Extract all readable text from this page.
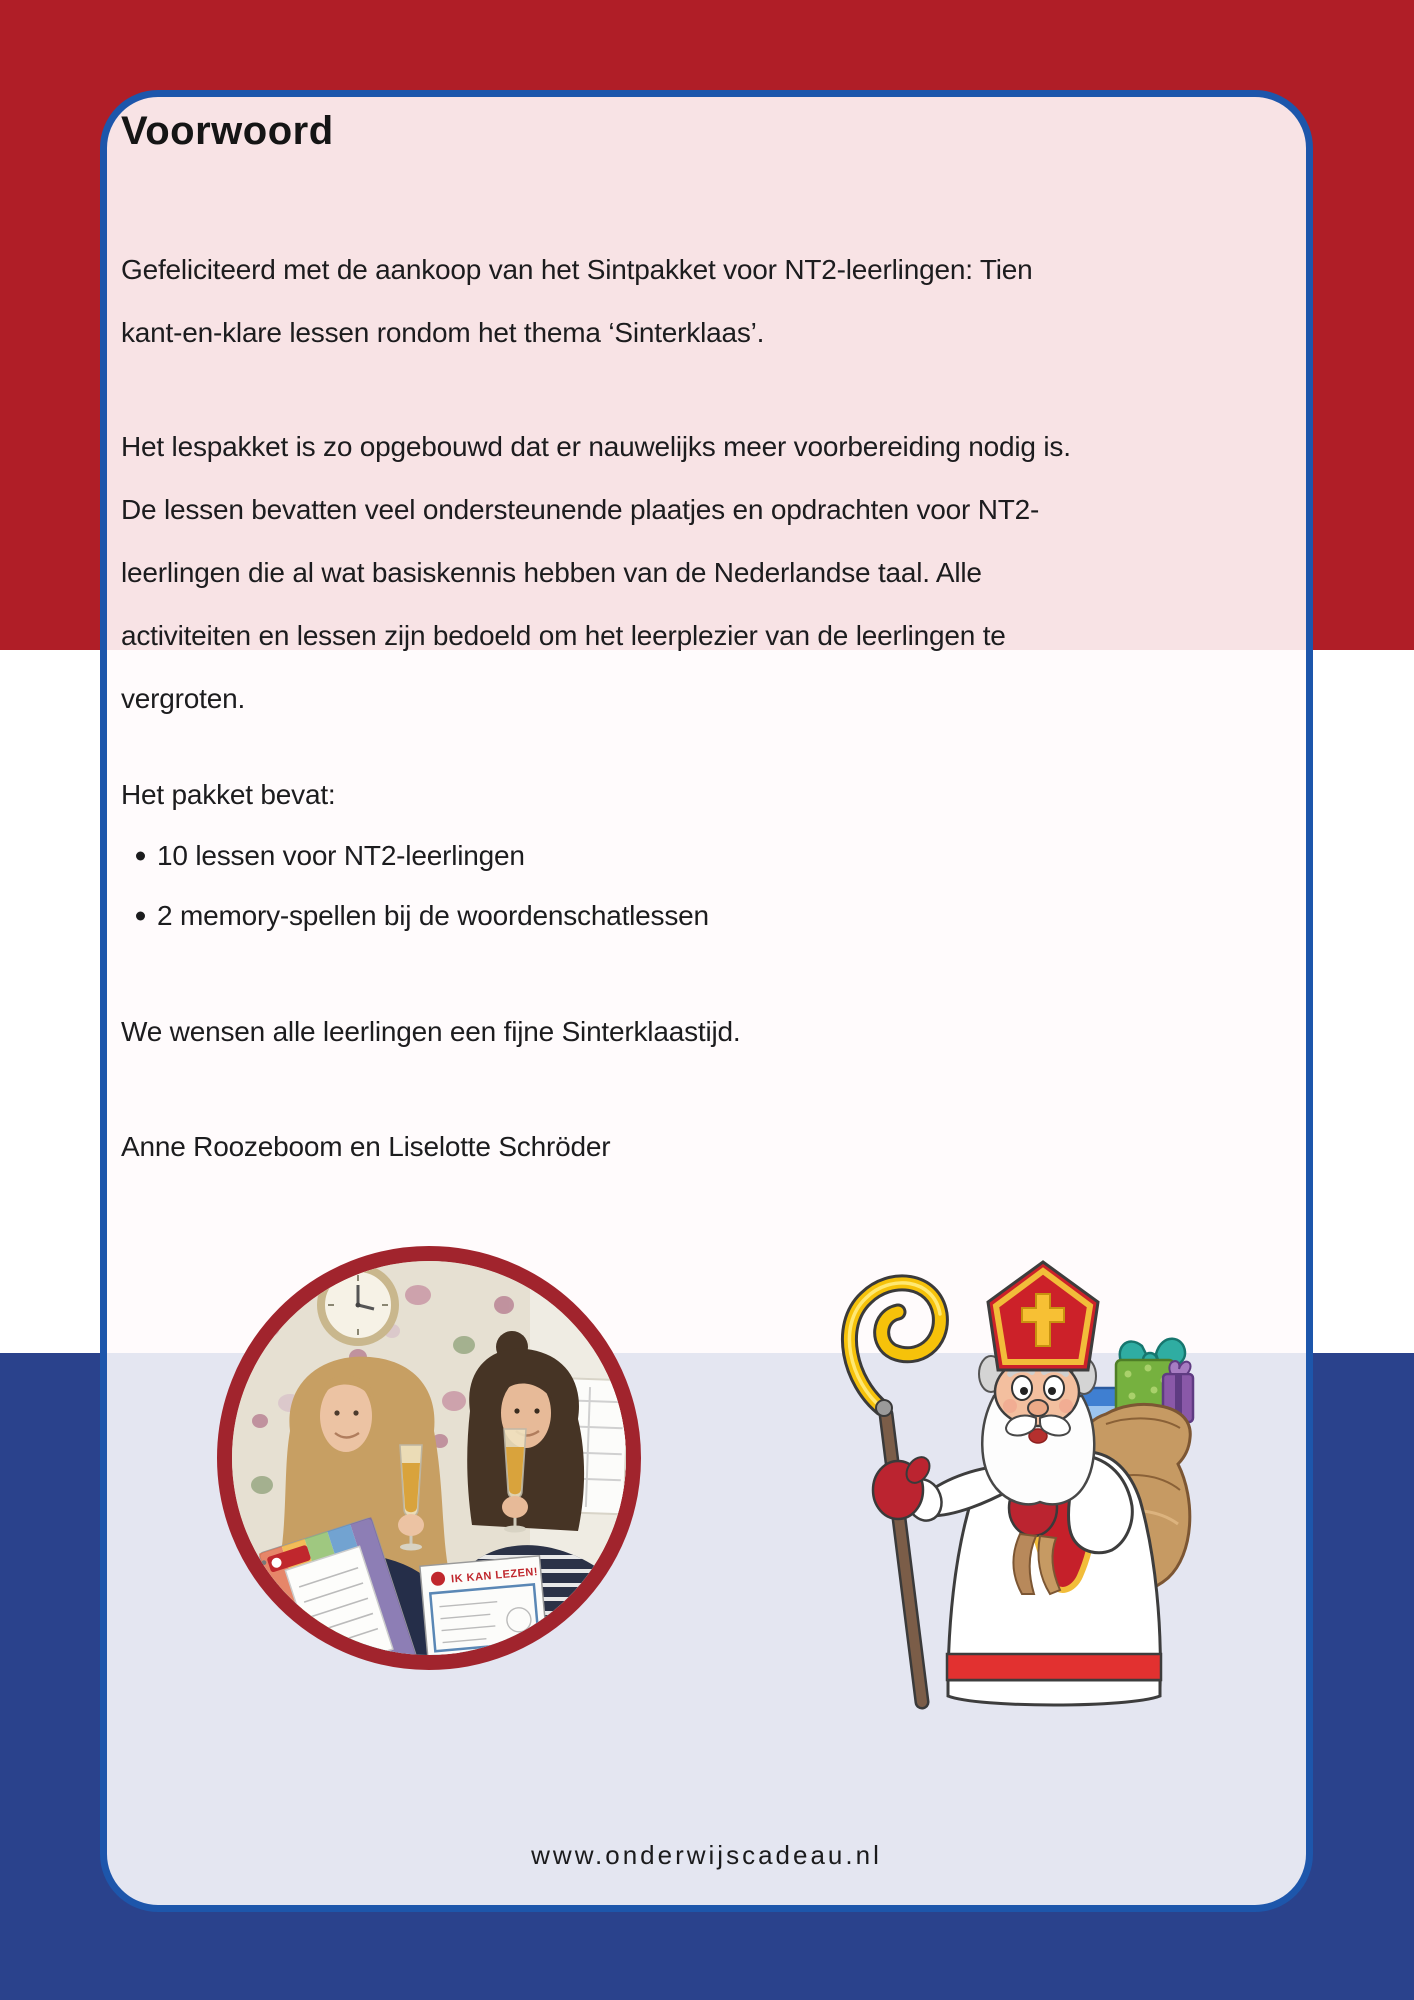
Voorwoord
Gefeliciteerd met de aankoop van het Sintpakket voor NT2-leerlingen: Tien
kant-en-klare lessen rondom het thema ‘Sinterklaas’.
Het lespakket is zo opgebouwd dat er nauwelijks meer voorbereiding nodig is.
De lessen bevatten veel ondersteunende plaatjes en opdrachten voor NT2-
leerlingen die al wat basiskennis hebben van de Nederlandse taal. Alle
activiteiten en lessen zijn bedoeld om het leerplezier van de leerlingen te
vergroten.
Het pakket bevat:
10 lessen voor NT2-leerlingen
2 memory-spellen bij de woordenschatlessen
We wensen alle leerlingen een fijne Sinterklaastijd.
Anne Roozeboom en Liselotte Schröder
IK KAN LEZEN!
www.onderwijscadeau.nl
